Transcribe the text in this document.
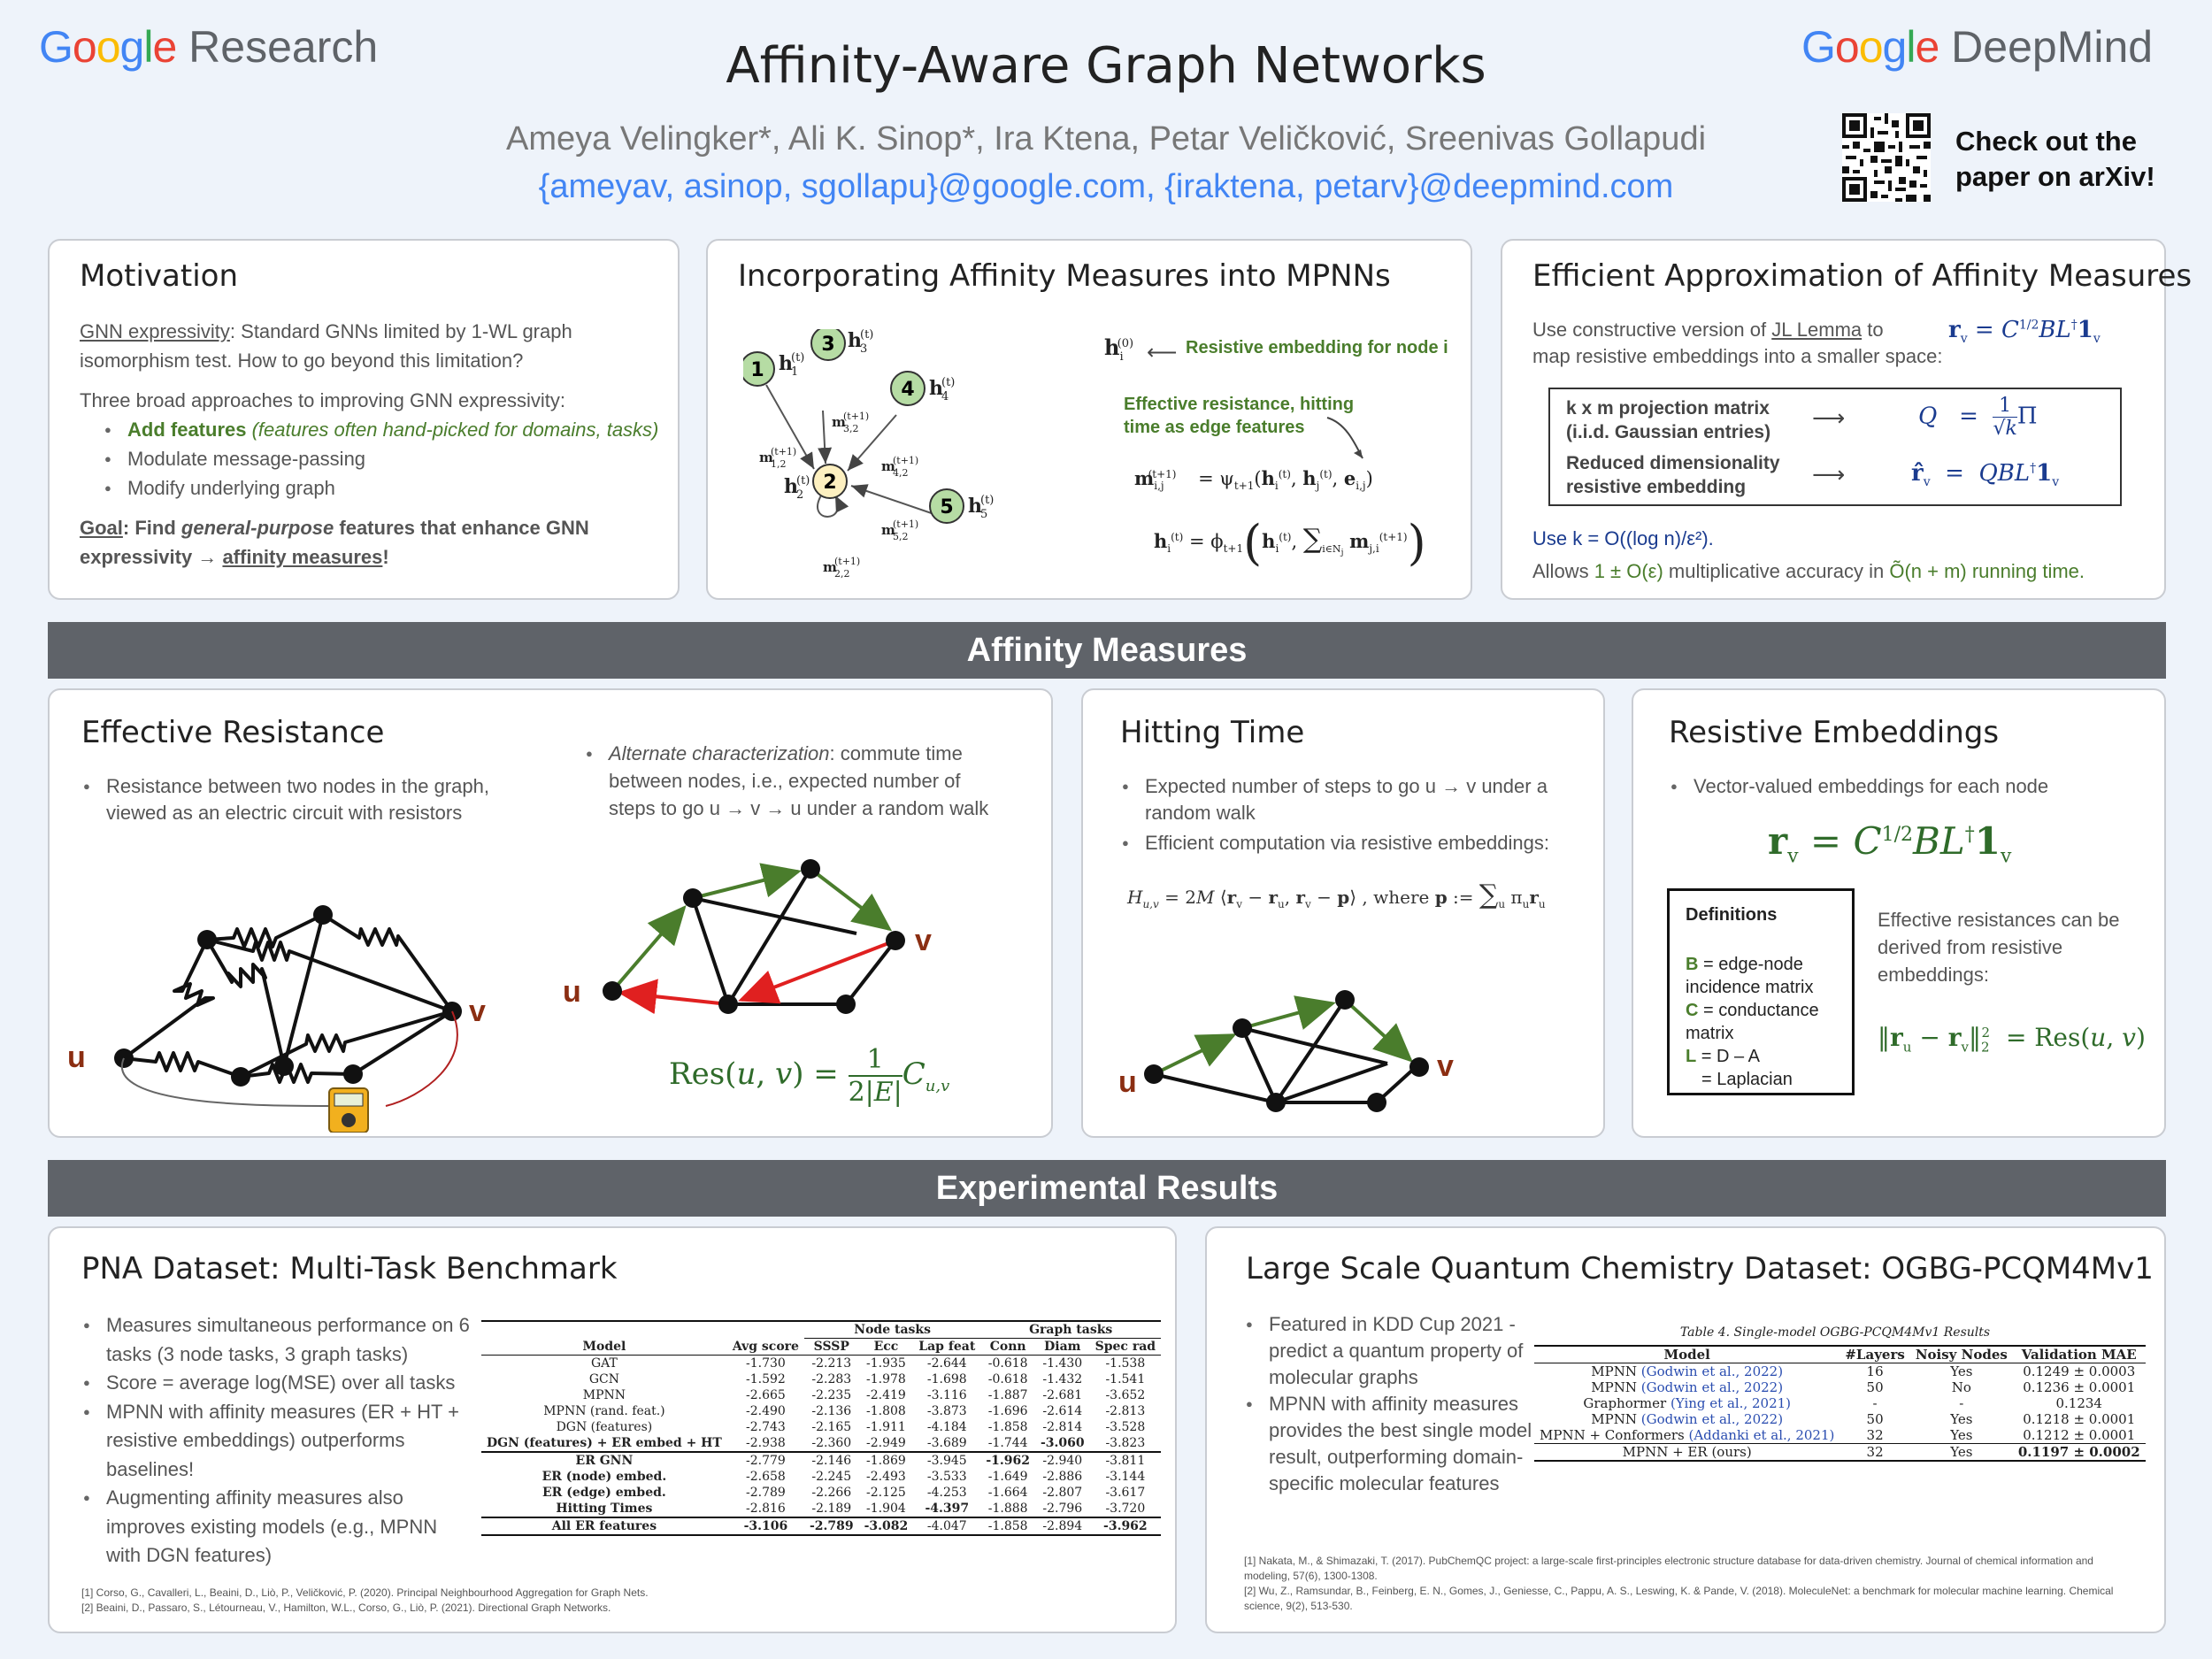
Google Research	Google DeepMind
Affinity-Aware Graph Networks
Ameya Velingker*, Ali K. Sinop*, Ira Ktena, Petar Veličković, Sreenivas Gollapudi
{ameyav, asinop, sgollapu}@google.com, {iraktena, petarv}@deepmind.com
Check out the
paper on arXiv!
Motivation

GNN expressivity: Standard GNNs limited by 1-WL graph isomorphism test. How to go beyond this limitation?

Three broad approaches to improving GNN expressivity:

● Add features (features often hand-picked for domains, tasks)
● Modulate message-passing
● Modify underlying graph

Goal: Find general-purpose features that enhance GNN expressivity → affinity measures!

Incorporating Affinity Measures into MPNNs
1
2
3
4
5
h
1
(t)
h
3
(t)
h
4
(t)
h
5
(t)
h
2
(t)
m
1,2
(t+1)
m
3,2
(t+1)
m
4,2
(t+1)
m
5,2
(t+1)
m
2,2
(t+1)
$h_i^{(0)}$ ⟵ Resistive embedding for node i
Effective resistance, hitting
time as edge features
$m_{i,j}^{(t+1)} = \psi_{t+1}(h_i^{(t)}$, $h_j^{(t)}$, $e_{i,j}$)
$h_i^{(t)} = \phi_{t+1}(h_i^{(t)}$, $\sum_{i\in N_j}$ $m_{j,i}^{(t+1)}$)
Efficient Approximation of Affinity Measures
Use constructive version of JL Lemma to
map resistive embeddings into a smaller space:
$r_v = C^{1/2}BL^\dagger 1_v$
k x m projection matrix
(i.i.d. Gaussian entries)
Reduced dimensionality
resistive embedding
⟶
⟶
$Q = \frac{1}{√k}$ Π
$r̂_v = QBL^\dagger 1_v$
Use k = O((log n)/ε²).
Allows 1 ± O(ε) multiplicative accuracy in Õ(n + m) running time.
Affinity Measures
Effective Resistance
● Resistance between two nodes in the graph, viewed as an electric circuit with resistors
● Alternate characterization: commute time between nodes, i.e., expected number of steps to go u → v → u under a random walk
u
v
u
v
Res(u, $v) = \frac{1}{2|E|} C_{u,v}$
Hitting Time
● Expected number of steps to go u → v under a random walk
● Efficient computation via resistive embeddings:
$H_{u,v} = 2M$ $⟨r_v - r_u$, $r_v$ − p⟩ , where p := $\sum_u$ $\pi_ur_u$
u	v
Resistive Embeddings
● Vector-valued embeddings for each node
$r_v = C^{1/2}BL^\dagger 1_v$
Definitions
B = edge-node incidence matrix
C = conductance matrix
L = D – A
= Laplacian
Effective resistances can be derived from resistive embeddings:
$‖r_u$ − $r_v‖_2^2 = Res(u$, v)
Experimental Results
PNA Dataset: Multi-Task Benchmark
● Measures simultaneous performance on 6 tasks (3 node tasks, 3 graph tasks)
● Score = average log(MSE) over all tasks
● MPNN with affinity measures (ER + HT + resistive embeddings) outperforms baselines!
● Augmenting affinity measures also improves existing models (e.g., MPNN with DGN features)
		Node tasks			Graph tasks		
Model	Avg score	SSSP	Ecc	Lap feat	Conn	Diam	Spec rad
GAT	-1.730	-2.213	-1.935	-2.644	-0.618	-1.430	-1.538
GCN	-1.592	-2.283	-1.978	-1.698	-0.618	-1.432	-1.541
MPNN	-2.665	-2.235	-2.419	-3.116	-1.887	-2.681	-3.652
MPNN (rand. feat.)	-2.490	-2.136	-1.808	-3.873	-1.696	-2.614	-2.813
DGN (features)	-2.743	-2.165	-1.911	-4.184	-1.858	-2.814	-3.528
DGN (features) + ER embed + HT	-2.938	-2.360	-2.949	-3.689	-1.744	-3.060	-3.823
ER GNN	-2.779	-2.146	-1.869	-3.945	-1.962	-2.940	-3.811
ER (node) embed.	-2.658	-2.245	-2.493	-3.533	-1.649	-2.886	-3.144
ER (edge) embed.	-2.789	-2.266	-2.125	-4.253	-1.664	-2.807	-3.617
Hitting Times	-2.816	-2.189	-1.904	-4.397	-1.888	-2.796	-3.720
All ER features	-3.106	-2.789	-3.082	-4.047	-1.858	-2.894	-3.962
[1] Corso, G., Cavalleri, L., Beaini, D., Liò, P., Veličković, P. (2020). Principal Neighbourhood Aggregation for Graph Nets.
[2] Beaini, D., Passaro, S., Létourneau, V., Hamilton, W.L., Corso, G., Liò, P. (2021). Directional Graph Networks.
Large Scale Quantum Chemistry Dataset: OGBG-PCQM4Mv1
● Featured in KDD Cup 2021 - predict a quantum property of molecular graphs
● MPNN with affinity measures provides the best single model result, outperforming domain-specific molecular features
Table 4. Single-model OGBG-PCQM4Mv1 Results
Model	#Layers	Noisy Nodes	Validation MAE
MPNN (Godwin et al., 2022)	16	Yes	0.1249 ± 0.0003
MPNN (Godwin et al., 2022)	50	No	0.1236 ± 0.0001
Graphormer (Ying et al., 2021)	-	-	0.1234
MPNN (Godwin et al., 2022)	50	Yes	0.1218 ± 0.0001
MPNN + Conformers (Addanki et al., 2021)	32	Yes	0.1212 ± 0.0001
MPNN + ER (ours)	32	Yes	0.1197 ± 0.0002
[1] Nakata, M., & Shimazaki, T. (2017). PubChemQC project: a large-scale first-principles electronic structure database for data-driven chemistry. Journal of chemical information and modeling, 57(6), 1300-1308.
[2] Wu, Z., Ramsundar, B., Feinberg, E. N., Gomes, J., Geniesse, C., Pappu, A. S., Leswing, K. & Pande, V. (2018). MoleculeNet: a benchmark for molecular machine learning. Chemical science, 9(2), 513-530.
